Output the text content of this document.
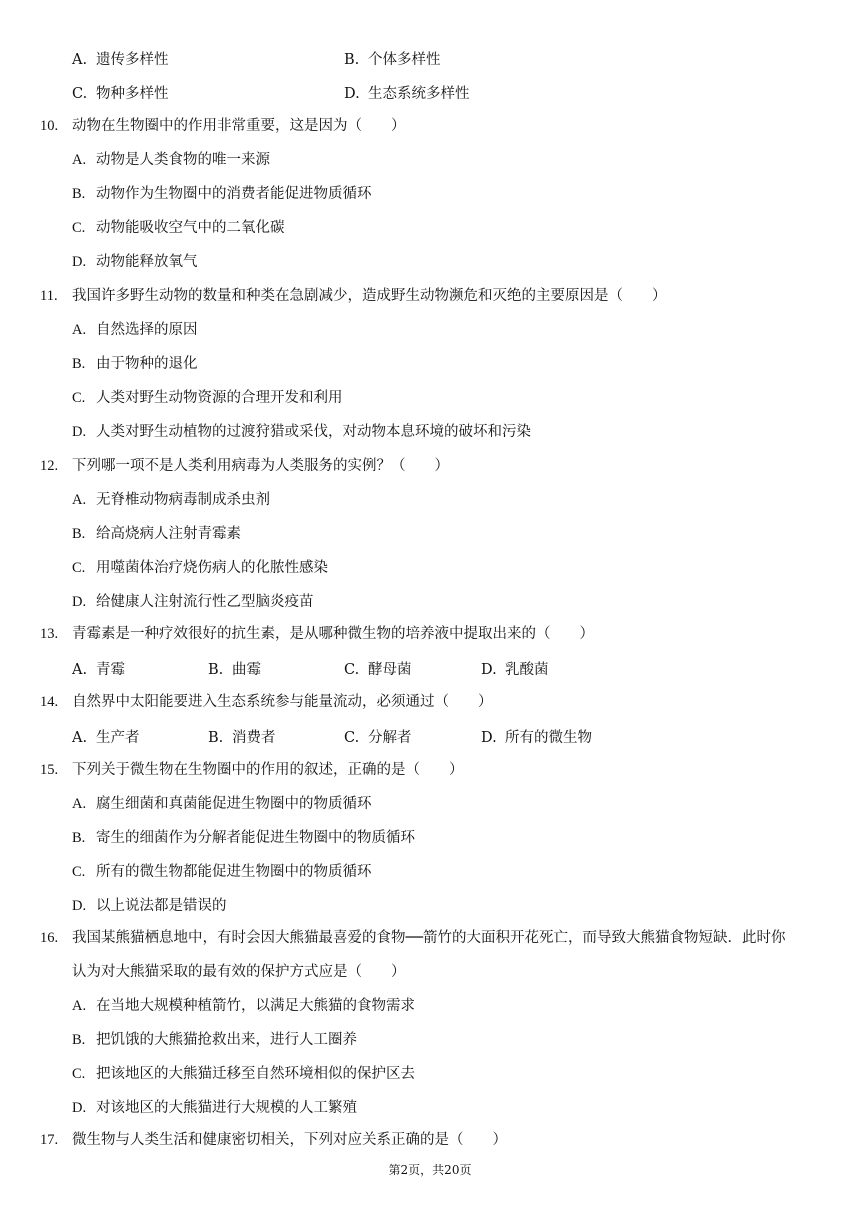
A. 遗传多样性	B. 个体多样性
C. 物种多样性	D. 生态系统多样性
10. 动物在生物圈中的作用非常重要，这是因为（　　）
A. 动物是人类食物的唯一来源
B. 动物作为生物圈中的消费者能促进物质循环
C. 动物能吸收空气中的二氧化碳
D. 动物能释放氧气
11. 我国许多野生动物的数量和种类在急剧减少，造成野生动物濒危和灭绝的主要原因是（　　）
A. 自然选择的原因
B. 由于物种的退化
C. 人类对野生动物资源的合理开发和利用
D. 人类对野生动植物的过渡狩猎或采伐，对动物本息环境的破坏和污染
12. 下列哪一项不是人类利用病毒为人类服务的实例？（　　）
A. 无脊椎动物病毒制成杀虫剂
B. 给高烧病人注射青霉素
C. 用噬菌体治疗烧伤病人的化脓性感染
D. 给健康人注射流行性乙型脑炎疫苗
13. 青霉素是一种疗效很好的抗生素，是从哪种微生物的培养液中提取出来的（　　）
A. 青霉	B. 曲霉	C. 酵母菌	D. 乳酸菌
14. 自然界中太阳能要进入生态系统参与能量流动，必须通过（　　）
A. 生产者	B. 消费者	C. 分解者	D. 所有的微生物
15. 下列关于微生物在生物圈中的作用的叙述，正确的是（　　）
A. 腐生细菌和真菌能促进生物圈中的物质循环
B. 寄生的细菌作为分解者能促进生物圈中的物质循环
C. 所有的微生物都能促进生物圈中的物质循环
D. 以上说法都是错误的
16. 我国某熊猫栖息地中，有时会因大熊猫最喜爱的食物──箭竹的大面积开花死亡，而导致大熊猫食物短缺．此时你
认为对大熊猫采取的最有效的保护方式应是（　　）
A. 在当地大规模种植箭竹，以满足大熊猫的食物需求
B. 把饥饿的大熊猫抢救出来，进行人工圈养
C. 把该地区的大熊猫迁移至自然环境相似的保护区去
D. 对该地区的大熊猫进行大规模的人工繁殖
17. 微生物与人类生活和健康密切相关，下列对应关系正确的是（　　）
第2页，共20页
